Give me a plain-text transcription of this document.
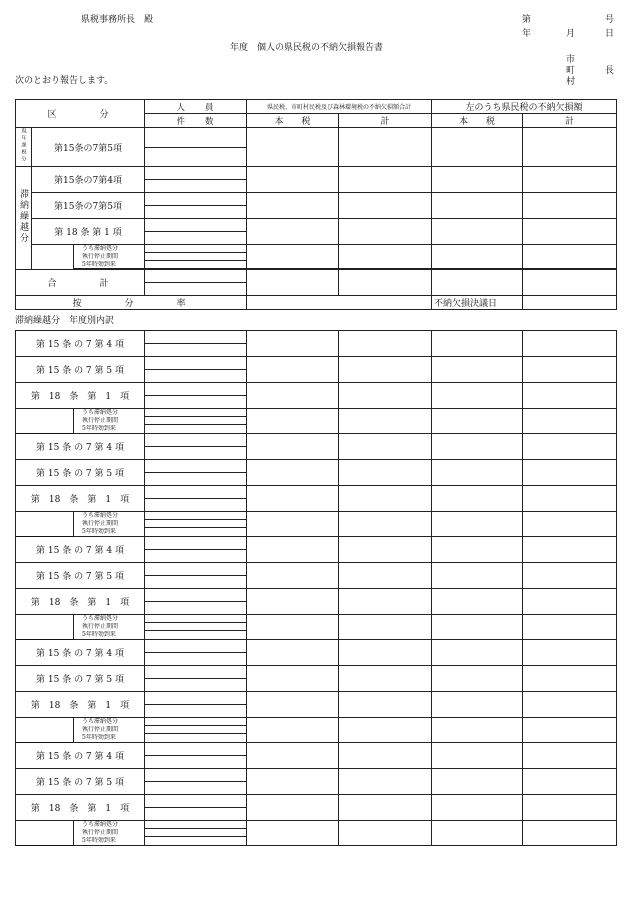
県税事務所長　殿	第	号
年	月	日
年度　個人の県民税の不納欠損報告書
市
町	長
村
次のとおり報告します。
区　　　分			人　　員	県民税、市町村民税及び森林環境税の不納欠損額合計		左のうち県民税の不納欠損額	
			件　　数	本　　税	計	本　　税	計
現年課税分	第15条の7第5項						

滞納繰越分	第15条の7第4項						

	第15条の7第5項						

	第 18 条 第 1 項						

		うち滞納処分					
		執行停止期間					
		5年時効到来					

合　　　計							

按　　　分　　　率						不納欠損決議日	
滞納繰越分　年度別内訳
第 15 条 の 7 第 4 項						

第 15 条 の 7 第 5 項						

第　18　条　第　1　項						

	うち滞納処分					
	執行停止期間					
	5年時効到来					
第 15 条 の 7 第 4 項						

第 15 条 の 7 第 5 項						

第　18　条　第　1　項						

	うち滞納処分					
	執行停止期間					
	5年時効到来					
第 15 条 の 7 第 4 項						

第 15 条 の 7 第 5 項						

第　18　条　第　1　項						

	うち滞納処分					
	執行停止期間					
	5年時効到来					
第 15 条 の 7 第 4 項						

第 15 条 の 7 第 5 項						

第　18　条　第　1　項						

	うち滞納処分					
	執行停止期間					
	5年時効到来					
第 15 条 の 7 第 4 項						

第 15 条 の 7 第 5 項						

第　18　条　第　1　項						

	うち滞納処分					
	執行停止期間					
	5年時効到来					
